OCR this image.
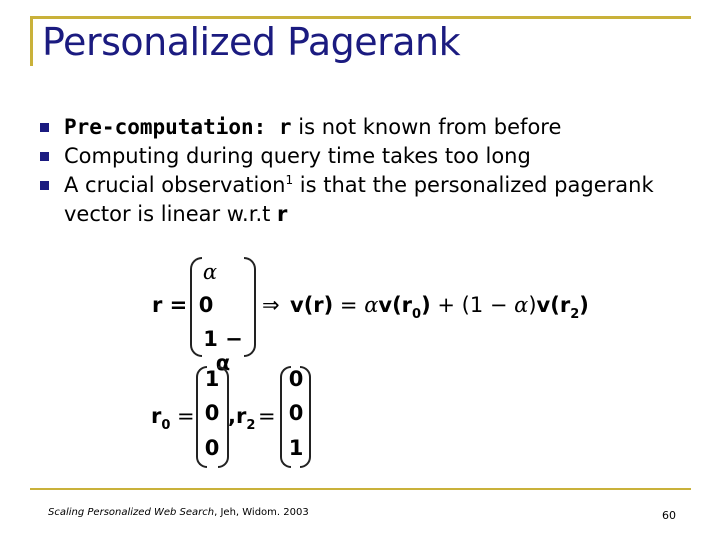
Personalized Pagerank
Pre-computation: r is not known from before
Computing during query time takes too long
A crucial observation$^1$ is that the personalized pagerank vector is linear w.r.t r
r =
α
0
1 − α
⇒ $v(r) = \alpha v(r_0) + (1 - \alpha)v(r_2)$
$r_0$ =
1
0
0
$,r_2$ =
0
0
1
Scaling Personalized Web Search, Jeh, Widom. 2003	60
